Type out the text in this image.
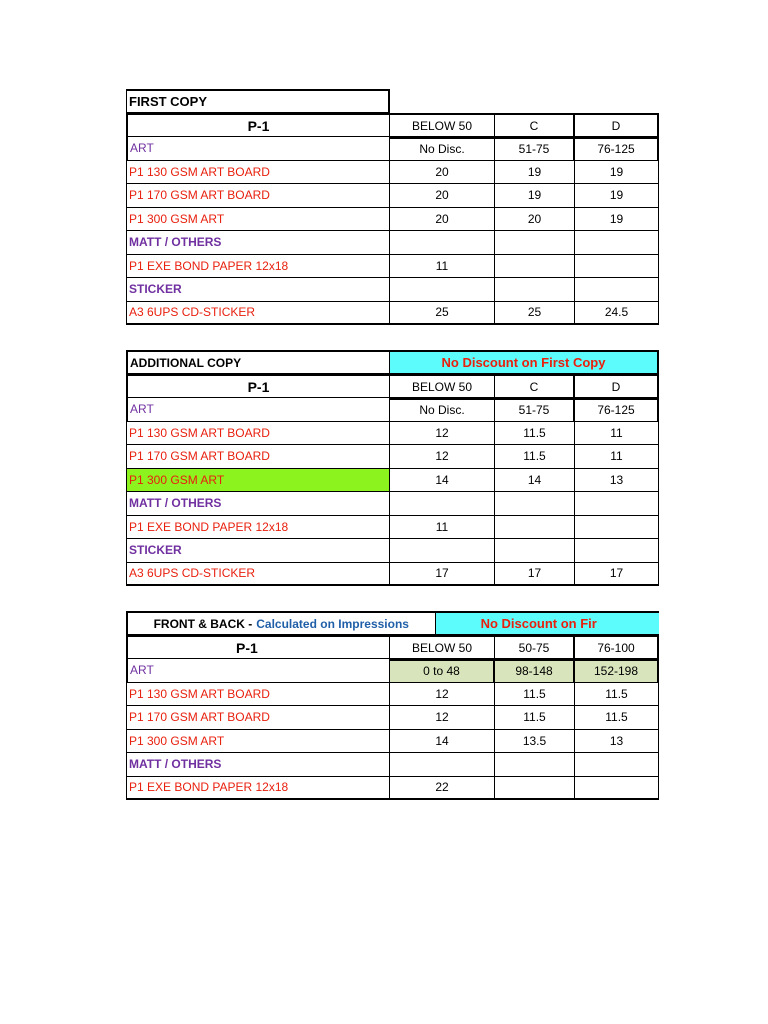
FIRST COPY
P-1	BELOW 50	C	D
ART	No Disc.	51-75	76-125
P1 130 GSM ART BOARD	20	19	19
P1 170 GSM ART BOARD	20	19	19
P1 300 GSM ART	20	20	19
MATT / OTHERS
P1 EXE BOND PAPER 12x18	11
STICKER
A3 6UPS CD-STICKER	25	25	24.5
ADDITIONAL COPY	No Discount on First Copy
P-1	BELOW 50	C	D
ART	No Disc.	51-75	76-125
P1 130 GSM ART BOARD	12	11.5	11
P1 170 GSM ART BOARD	12	11.5	11
P1 300 GSM ART	14	14	13
MATT / OTHERS
P1 EXE BOND PAPER 12x18	11
STICKER
A3 6UPS CD-STICKER	17	17	17
FRONT & BACK - Calculated on Impressions	No Discount on Fir
P-1	BELOW 50	50-75	76-100
ART	0 to 48	98-148	152-198
P1 130 GSM ART BOARD	12	11.5	11.5
P1 170 GSM ART BOARD	12	11.5	11.5
P1 300 GSM ART	14	13.5	13
MATT / OTHERS
P1 EXE BOND PAPER 12x18	22
